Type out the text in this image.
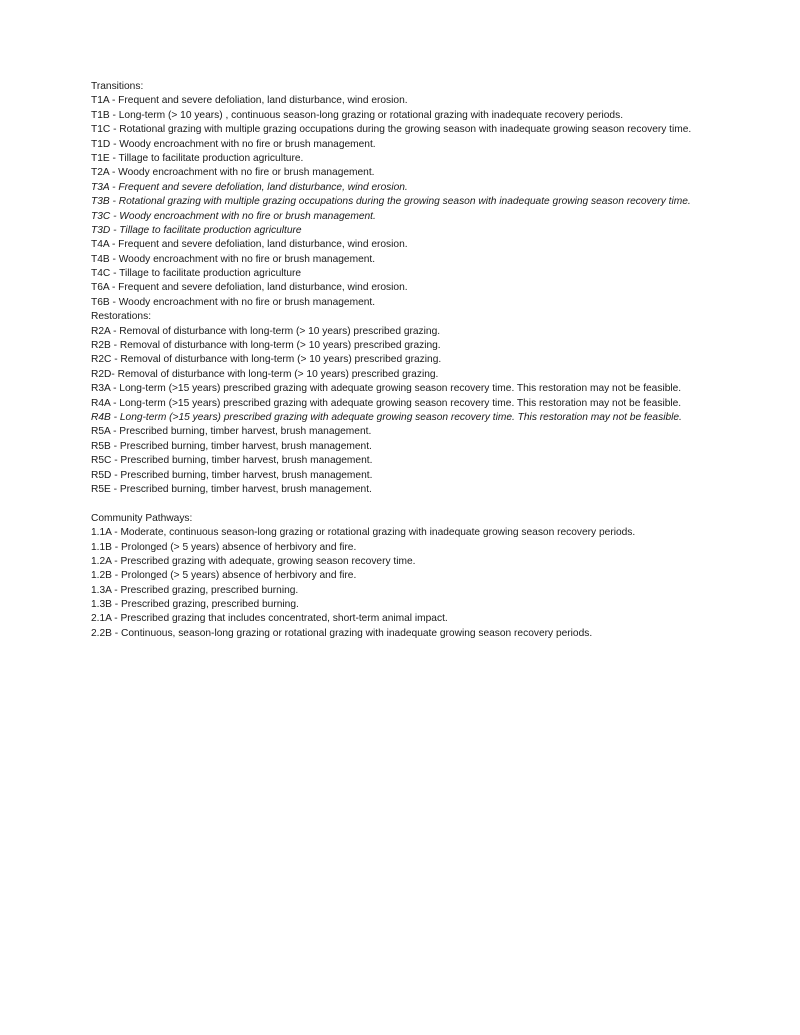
Transitions:
T1A - Frequent and severe defoliation, land disturbance, wind erosion.
T1B - Long-term (> 10 years) , continuous season-long grazing or rotational grazing with inadequate recovery periods.
T1C - Rotational grazing with multiple grazing occupations during the growing season with inadequate growing season recovery time.
T1D - Woody encroachment with no fire or brush management.
T1E - Tillage to facilitate production agriculture.
T2A - Woody encroachment with no fire or brush management.
T3A - Frequent and severe defoliation, land disturbance, wind erosion.
T3B - Rotational grazing with multiple grazing occupations during the growing season with inadequate growing season recovery time.
T3C - Woody encroachment with no fire or brush management.
T3D - Tillage to facilitate production agriculture
T4A - Frequent and severe defoliation, land disturbance, wind erosion.
T4B - Woody encroachment with no fire or brush management.
T4C - Tillage to facilitate production agriculture
T6A - Frequent and severe defoliation, land disturbance, wind erosion.
T6B - Woody encroachment with no fire or brush management.
Restorations:
R2A - Removal of disturbance with long-term (> 10 years) prescribed grazing.
R2B - Removal of disturbance with long-term (> 10 years) prescribed grazing.
R2C - Removal of disturbance with long-term (> 10 years) prescribed grazing.
R2D- Removal of disturbance with long-term (> 10 years) prescribed grazing.
R3A - Long-term (>15 years) prescribed grazing with adequate growing season recovery time. This restoration may not be feasible.
R4A - Long-term (>15 years) prescribed grazing with adequate growing season recovery time. This restoration may not be feasible.
R4B - Long-term (>15 years) prescribed grazing with adequate growing season recovery time. This restoration may not be feasible.
R5A - Prescribed burning, timber harvest, brush management.
R5B - Prescribed burning, timber harvest, brush management.
R5C - Prescribed burning, timber harvest, brush management.
R5D - Prescribed burning, timber harvest, brush management.
R5E - Prescribed burning, timber harvest, brush management.
Community Pathways:
1.1A - Moderate, continuous season-long grazing or rotational grazing with inadequate growing season recovery periods.
1.1B - Prolonged (> 5 years) absence of herbivory and fire.
1.2A - Prescribed grazing with adequate, growing season recovery time.
1.2B - Prolonged (> 5 years) absence of herbivory and fire.
1.3A - Prescribed grazing, prescribed burning.
1.3B - Prescribed grazing, prescribed burning.
2.1A - Prescribed grazing that includes concentrated, short-term animal impact.
2.2B - Continuous, season-long grazing or rotational grazing with inadequate growing season recovery periods.
